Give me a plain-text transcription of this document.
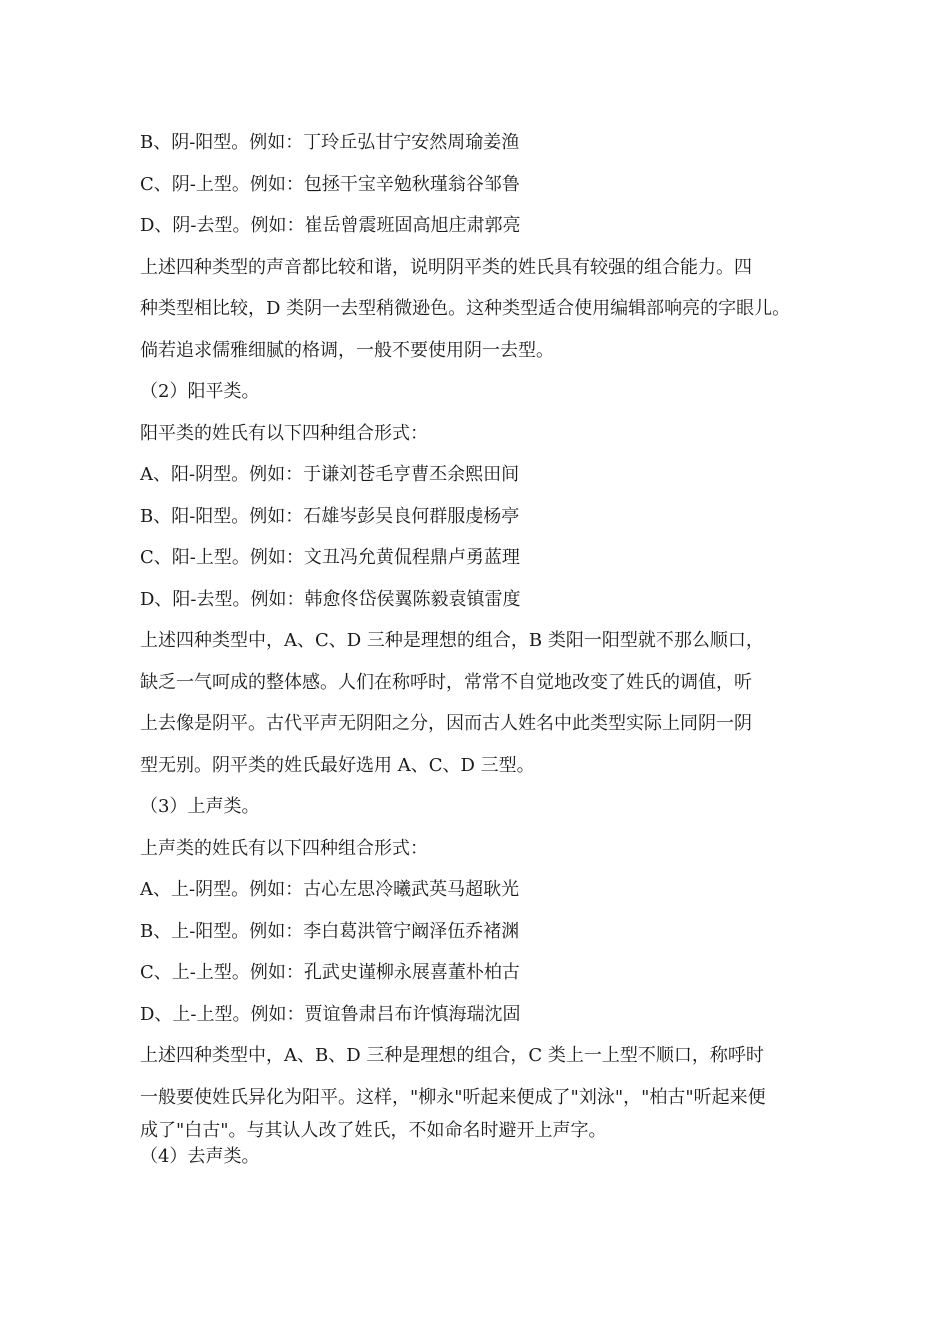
B、阴-阳型。例如：丁玲丘弘甘宁安然周瑜姜渔

C、阴-上型。例如：包拯干宝辛勉秋瑾翁谷邹鲁

D、阴-去型。例如：崔岳曾震班固高旭庄肃郭亮

上述四种类型的声音都比较和谐，说明阴平类的姓氏具有较强的组合能力。四

种类型相比较，D 类阴一去型稍微逊色。这种类型适合使用编辑部响亮的字眼儿。

倘若追求儒雅细腻的格调，一般不要使用阴一去型。

（2）阳平类。

阳平类的姓氏有以下四种组合形式：

A、阳-阴型。例如：于谦刘苍毛亨曹丕余熙田间

B、阳-阳型。例如：石雄岑彭吴良何群服虔杨亭

C、阳-上型。例如：文丑冯允黄侃程鼎卢勇蓝理

D、阳-去型。例如：韩愈佟岱侯翼陈毅袁镇雷度

上述四种类型中，A、C、D 三种是理想的组合，B 类阳一阳型就不那么顺口，

缺乏一气呵成的整体感。人们在称呼时，常常不自觉地改变了姓氏的调值，听

上去像是阴平。古代平声无阴阳之分，因而古人姓名中此类型实际上同阴一阴

型无别。阴平类的姓氏最好选用 A、C、D 三型。

（3）上声类。

上声类的姓氏有以下四种组合形式：

A、上-阴型。例如：古心左思冷曦武英马超耿光

B、上-阳型。例如：李白葛洪管宁阚泽伍乔褚渊

C、上-上型。例如：孔武史谨柳永展喜董朴柏古

D、上-上型。例如：贾谊鲁肃吕布许慎海瑞沈固

上述四种类型中，A、B、D 三种是理想的组合，C 类上一上型不顺口，称呼时

一般要使姓氏异化为阳平。这样，"柳永"听起来便成了"刘泳"，"柏古"听起来便

成了"白古"。与其认人改了姓氏，不如命名时避开上声字。

（4）去声类。
